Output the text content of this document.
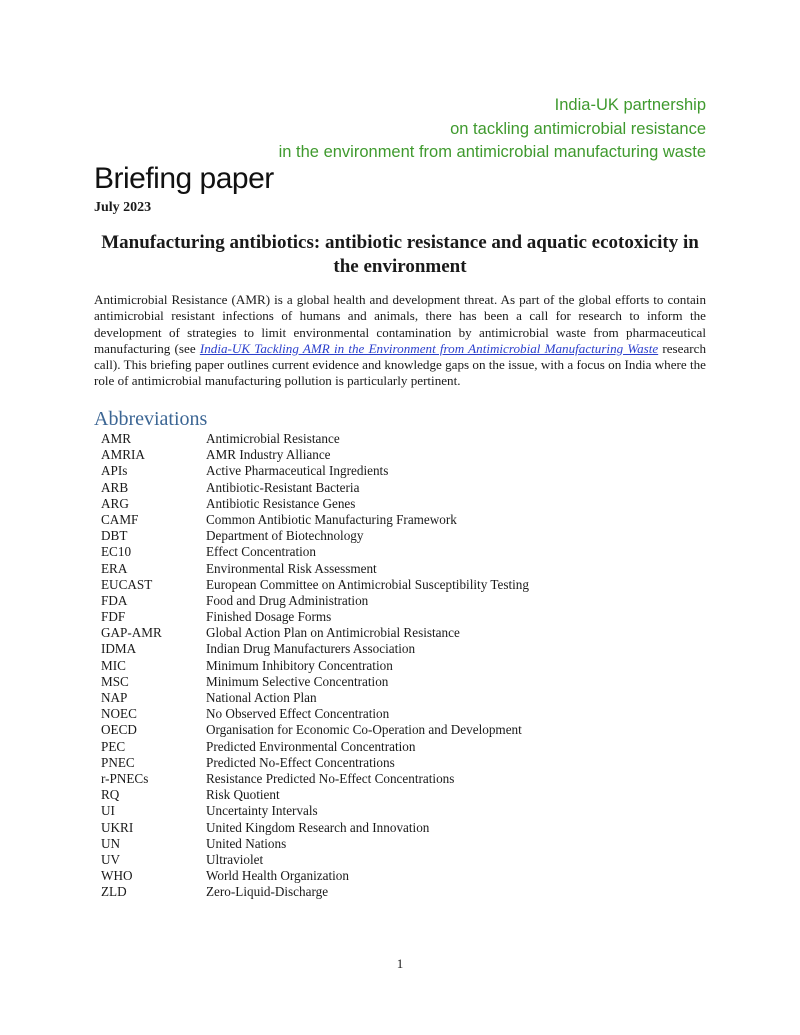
India-UK partnership
on tackling antimicrobial resistance
in the environment from antimicrobial manufacturing waste
Briefing paper
July 2023
Manufacturing antibiotics: antibiotic resistance and aquatic ecotoxicity in the environment

Antimicrobial Resistance (AMR) is a global health and development threat. As part of the global efforts to contain antimicrobial resistant infections of humans and animals, there has been a call for research to inform the development of strategies to limit environmental contamination by antimicrobial waste from pharmaceutical manufacturing (see India-UK Tackling AMR in the Environment from Antimicrobial Manufacturing Waste research call). This briefing paper outlines current evidence and knowledge gaps on the issue, with a focus on India where the role of antimicrobial manufacturing pollution is particularly pertinent.

Abbreviations
AMR	Antimicrobial Resistance
AMRIA	AMR Industry Alliance
APIs	Active Pharmaceutical Ingredients
ARB	Antibiotic-Resistant Bacteria
ARG	Antibiotic Resistance Genes
CAMF	Common Antibiotic Manufacturing Framework
DBT	Department of Biotechnology
EC10	Effect Concentration
ERA	Environmental Risk Assessment
EUCAST	European Committee on Antimicrobial Susceptibility Testing
FDA	Food and Drug Administration
FDF	Finished Dosage Forms
GAP-AMR	Global Action Plan on Antimicrobial Resistance
IDMA	Indian Drug Manufacturers Association
MIC	Minimum Inhibitory Concentration
MSC	Minimum Selective Concentration
NAP	National Action Plan
NOEC	No Observed Effect Concentration
OECD	Organisation for Economic Co-Operation and Development
PEC	Predicted Environmental Concentration
PNEC	Predicted No-Effect Concentrations
r-PNECs	Resistance Predicted No-Effect Concentrations
RQ	Risk Quotient
UI	Uncertainty Intervals
UKRI	United Kingdom Research and Innovation
UN	United Nations
UV	Ultraviolet
WHO	World Health Organization
ZLD	Zero-Liquid-Discharge
1
